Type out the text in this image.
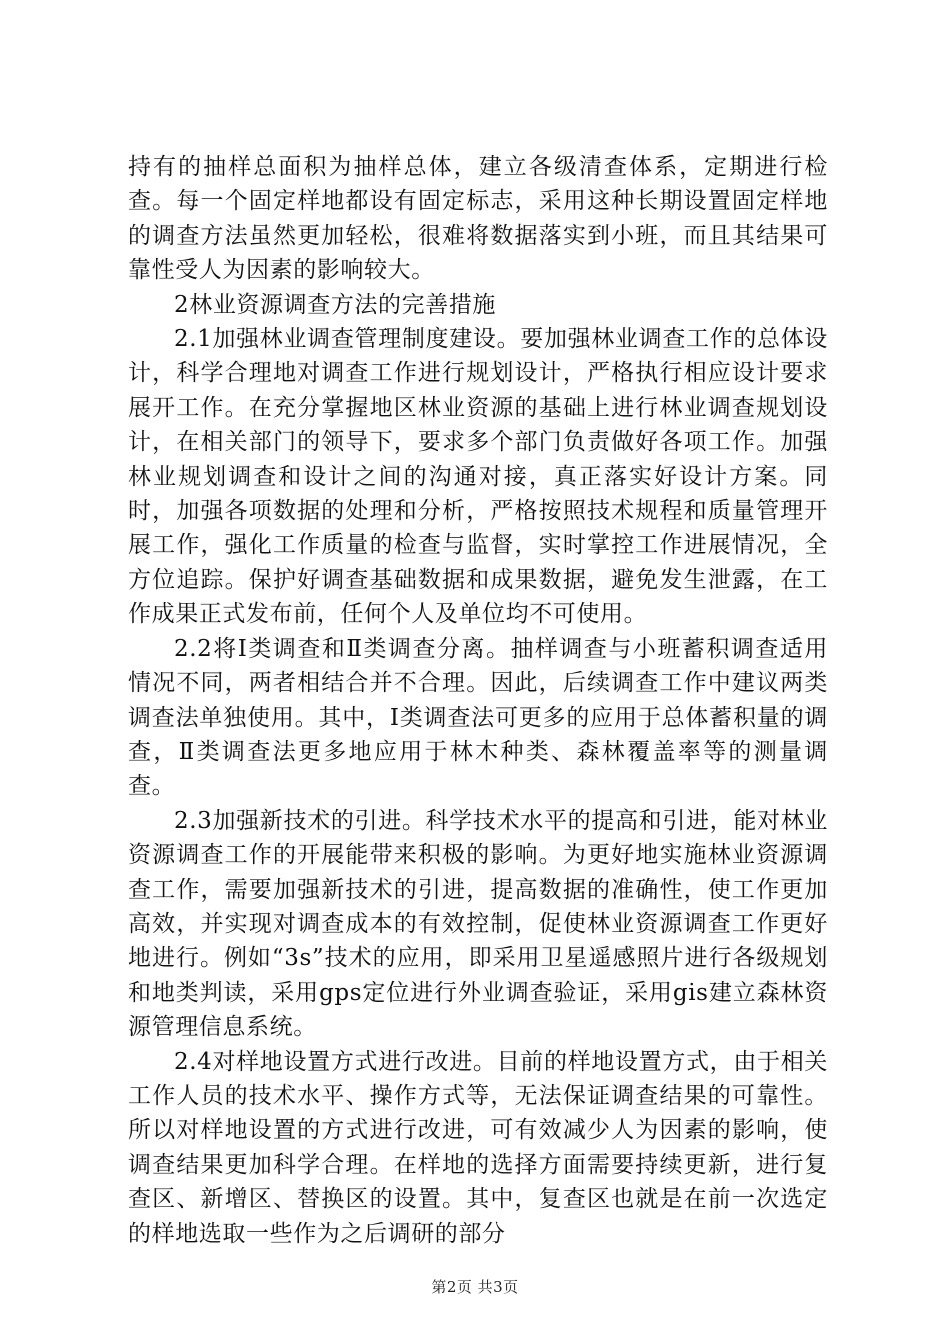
持有的抽样总面积为抽样总体，建立各级清查体系，定期进行检查。每一个固定样地都设有固定标志，采用这种长期设置固定样地的调查方法虽然更加轻松，很难将数据落实到小班，而且其结果可靠性受人为因素的影响较大。

2林业资源调查方法的完善措施

2.1加强林业调查管理制度建设。要加强林业调查工作的总体设计，科学合理地对调查工作进行规划设计，严格执行相应设计要求展开工作。在充分掌握地区林业资源的基础上进行林业调查规划设计，在相关部门的领导下，要求多个部门负责做好各项工作。加强林业规划调查和设计之间的沟通对接，真正落实好设计方案。同时，加强各项数据的处理和分析，严格按照技术规程和质量管理开展工作，强化工作质量的检查与监督，实时掌控工作进展情况，全方位追踪。保护好调查基础数据和成果数据，避免发生泄露，在工作成果正式发布前，任何个人及单位均不可使用。

2.2将Ⅰ类调查和Ⅱ类调查分离。抽样调查与小班蓄积调查适用情况不同，两者相结合并不合理。因此，后续调查工作中建议两类调查法单独使用。其中，Ⅰ类调查法可更多的应用于总体蓄积量的调查，Ⅱ类调查法更多地应用于林木种类、森林覆盖率等的测量调查。

2.3加强新技术的引进。科学技术水平的提高和引进，能对林业资源调查工作的开展能带来积极的影响。为更好地实施林业资源调查工作，需要加强新技术的引进，提高数据的准确性，使工作更加高效，并实现对调查成本的有效控制，促使林业资源调查工作更好地进行。例如“3s”技术的应用，即采用卫星遥感照片进行各级规划和地类判读，采用gps定位进行外业调查验证，采用gis建立森林资源管理信息系统。

2.4对样地设置方式进行改进。目前的样地设置方式，由于相关工作人员的技术水平、操作方式等，无法保证调查结果的可靠性。所以对样地设置的方式进行改进，可有效减少人为因素的影响，使调查结果更加科学合理。在样地的选择方面需要持续更新，进行复查区、新增区、替换区的设置。其中，复查区也就是在前一次选定的样地选取一些作为之后调研的部分

第2页 共3页
